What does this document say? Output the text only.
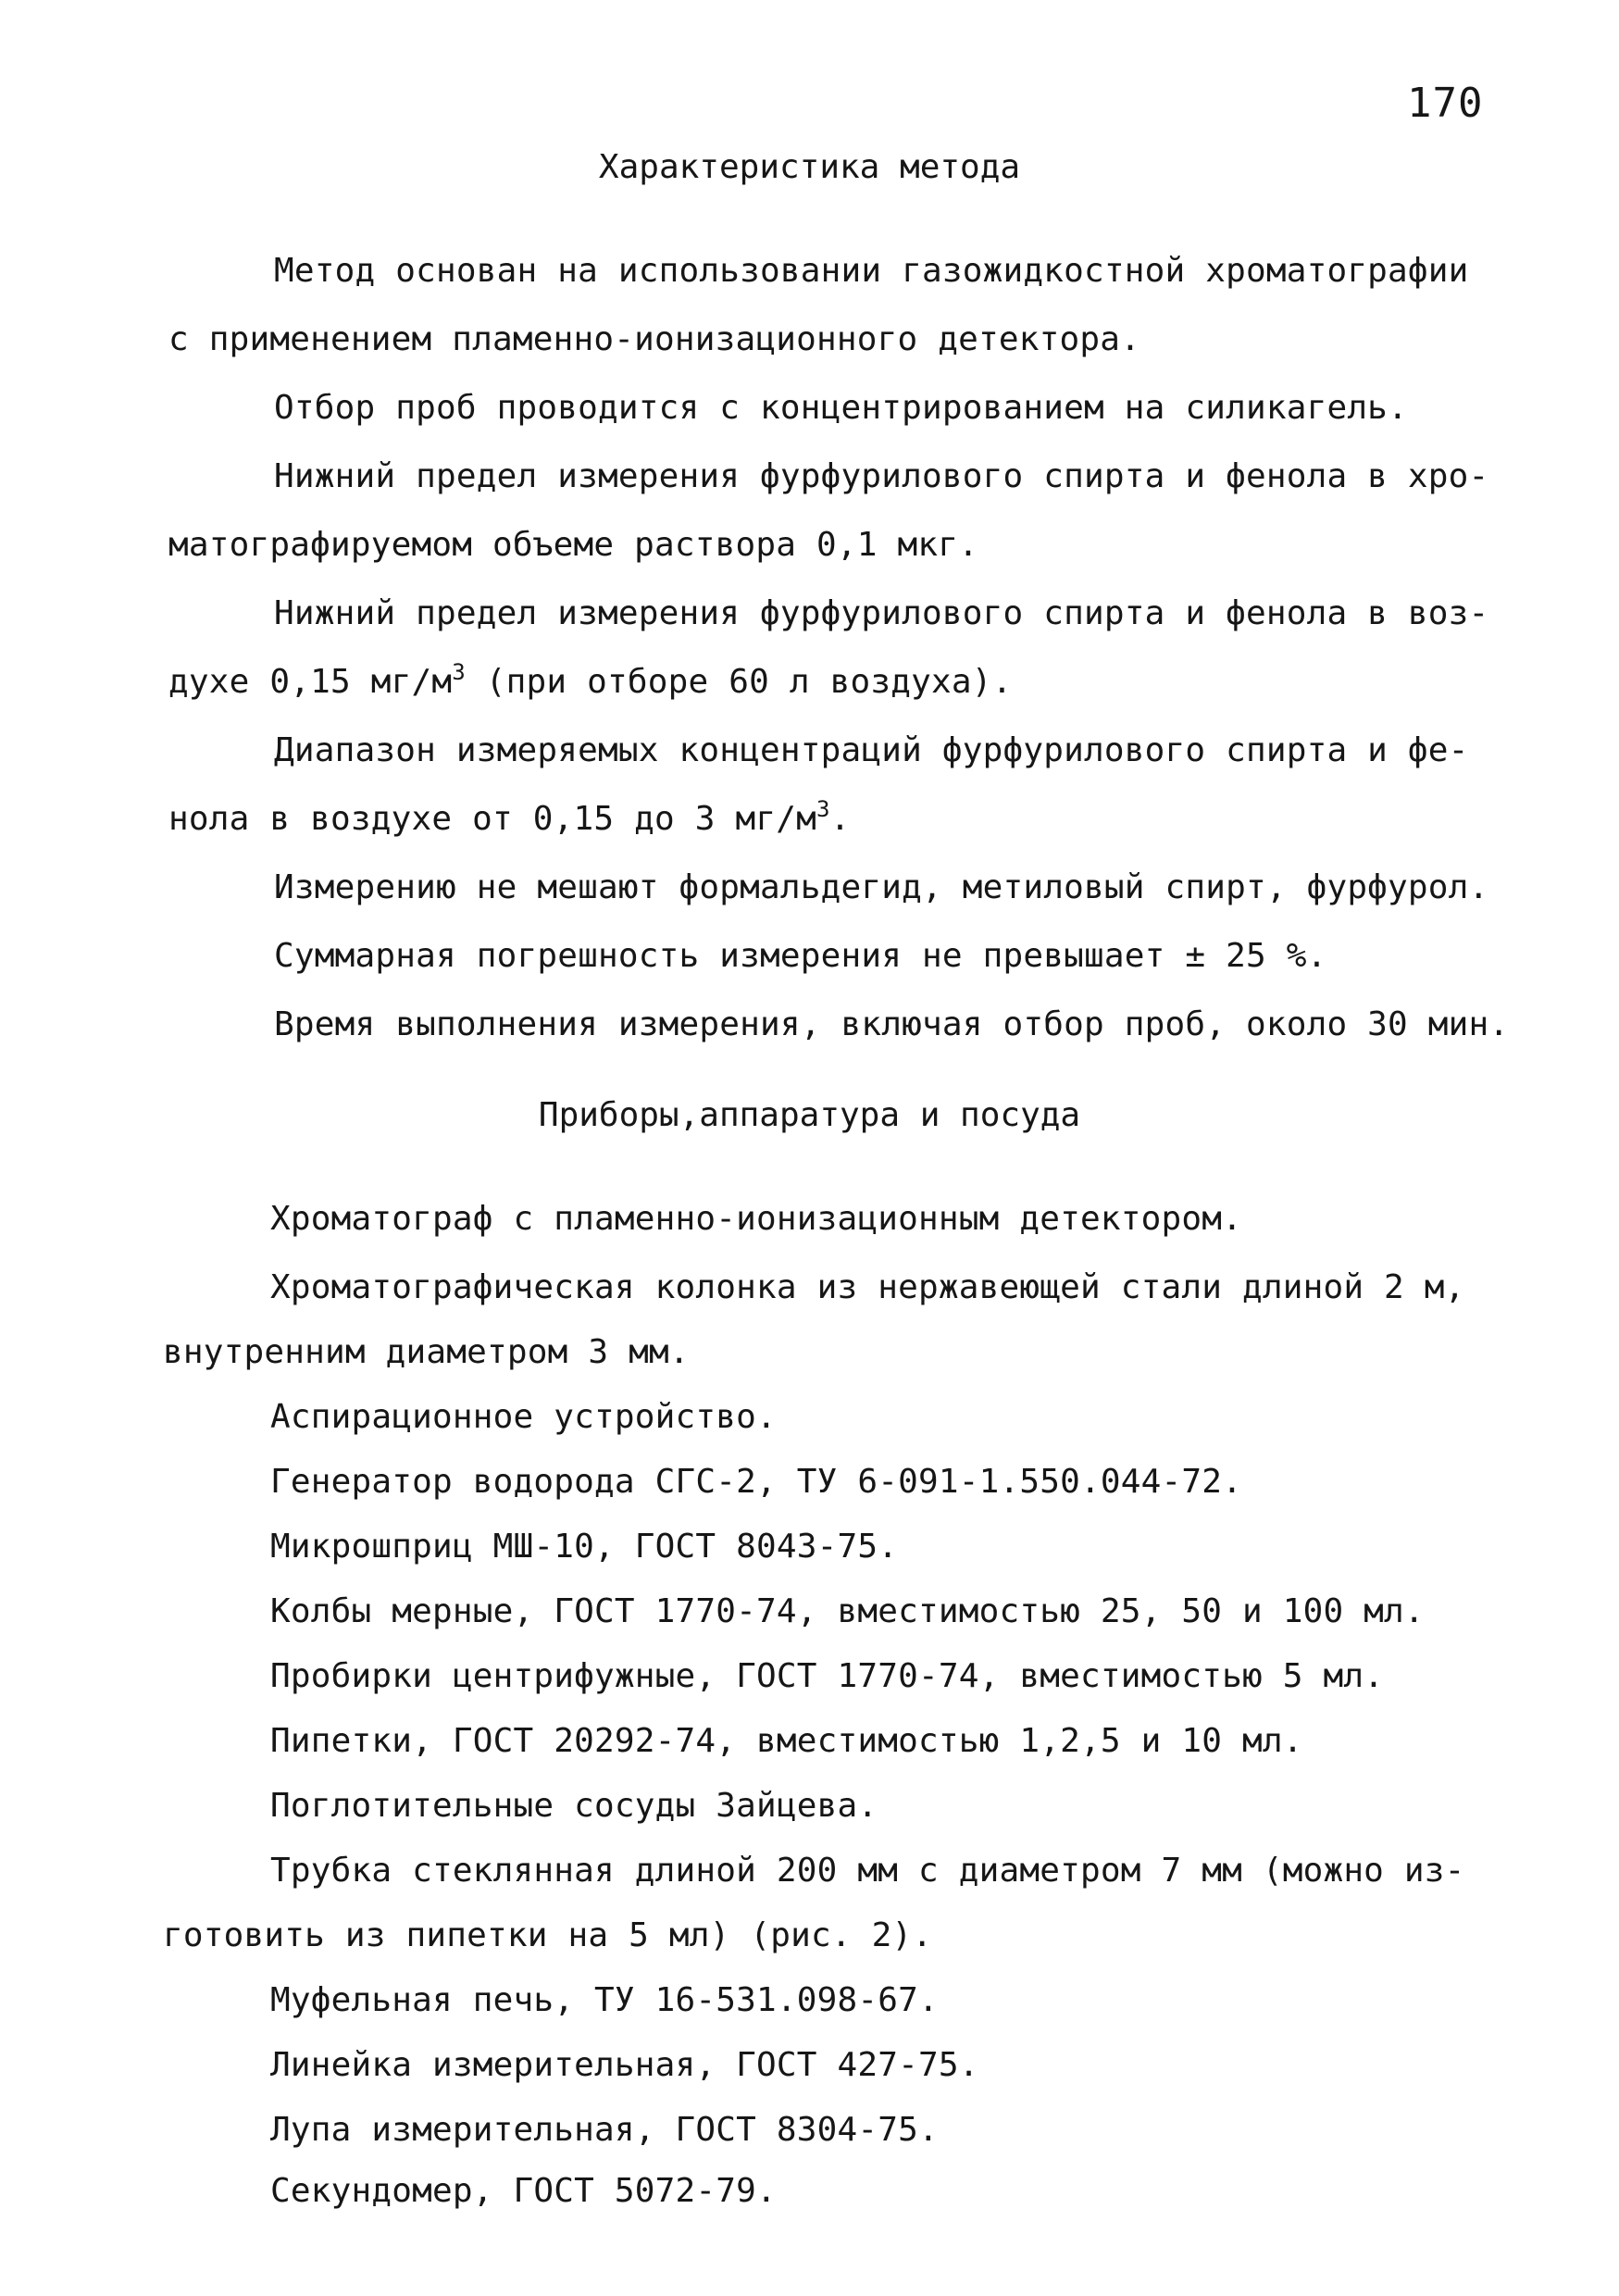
170
Характеристика метода
Метод основан на использовании газожидкостной хроматографии
с применением пламенно-ионизационного детектора.
Отбор проб проводится с концентрированием на силикагель.
Нижний предел измерения фурфурилового спирта и фенола в хро-
матографируемом объеме раствора 0,1 мкг.
Нижний предел измерения фурфурилового спирта и фенола в воз-
духе 0,15 $мг/м^3$ (при отборе 60 л воздуха).
Диапазон измеряемых концентраций фурфурилового спирта и фе-
нола в воздухе от 0,15 до 3 $мг/м^3$.
Измерению не мешают формальдегид, метиловый спирт, фурфурол.
Суммарная погрешность измерения не превышает ± 25 %.
Время выполнения измерения, включая отбор проб, около 30 мин.
Приборы,аппаратура и посуда
Хроматограф с пламенно-ионизационным детектором.
Хроматографическая колонка из нержавеющей стали длиной 2 м,
внутренним диаметром 3 мм.
Аспирационное устройство.
Генератор водорода СГС-2, ТУ 6-091-1.550.044-72.
Микрошприц МШ-10, ГОСТ 8043-75.
Колбы мерные, ГОСТ 1770-74, вместимостью 25, 50 и 100 мл.
Пробирки центрифужные, ГОСТ 1770-74, вместимостью 5 мл.
Пипетки, ГОСТ 20292-74, вместимостью 1,2,5 и 10 мл.
Поглотительные сосуды Зайцева.
Трубка стеклянная длиной 200 мм с диаметром 7 мм (можно из-
готовить из пипетки на 5 мл) (рис. 2).
Муфельная печь, ТУ 16-531.098-67.
Линейка измерительная, ГОСТ 427-75.
Лупа измерительная, ГОСТ 8304-75.
Секундомер, ГОСТ 5072-79.
